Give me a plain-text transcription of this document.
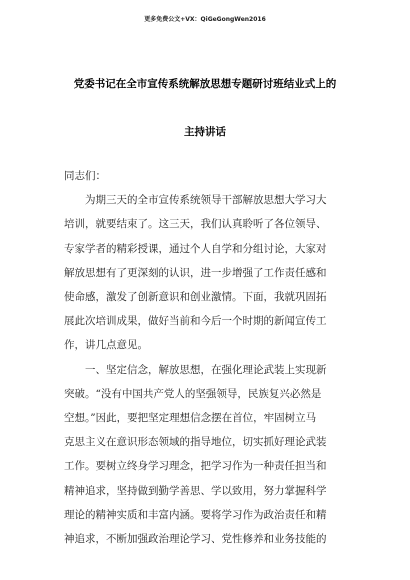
更多免费公文+VX：QiGeGongWen2016
党委书记在全市宣传系统解放思想专题研讨班结业式上的
主持讲话
同志们：

为期三天的全市宣传系统领导干部解放思想大学习大
培训，就要结束了。这三天，我们认真聆听了各位领导、
专家学者的精彩授课，通过个人自学和分组讨论，大家对
解放思想有了更深刻的认识，进一步增强了工作责任感和
使命感，激发了创新意识和创业激情。下面，我就巩固拓
展此次培训成果，做好当前和今后一个时期的新闻宣传工
作，讲几点意见。

一、坚定信念，解放思想，在强化理论武装上实现新
突破。“没有中国共产党人的坚强领导，民族复兴必然是
空想。”因此，要把坚定理想信念摆在首位，牢固树立马
克思主义在意识形态领域的指导地位，切实抓好理论武装
工作。要树立终身学习理念，把学习作为一种责任担当和
精神追求，坚持做到勤学善思、学以致用，努力掌握科学
理论的精神实质和丰富内涵。要将学习作为政治责任和精
神追求，不断加强政治理论学习、党性修养和业务技能的
